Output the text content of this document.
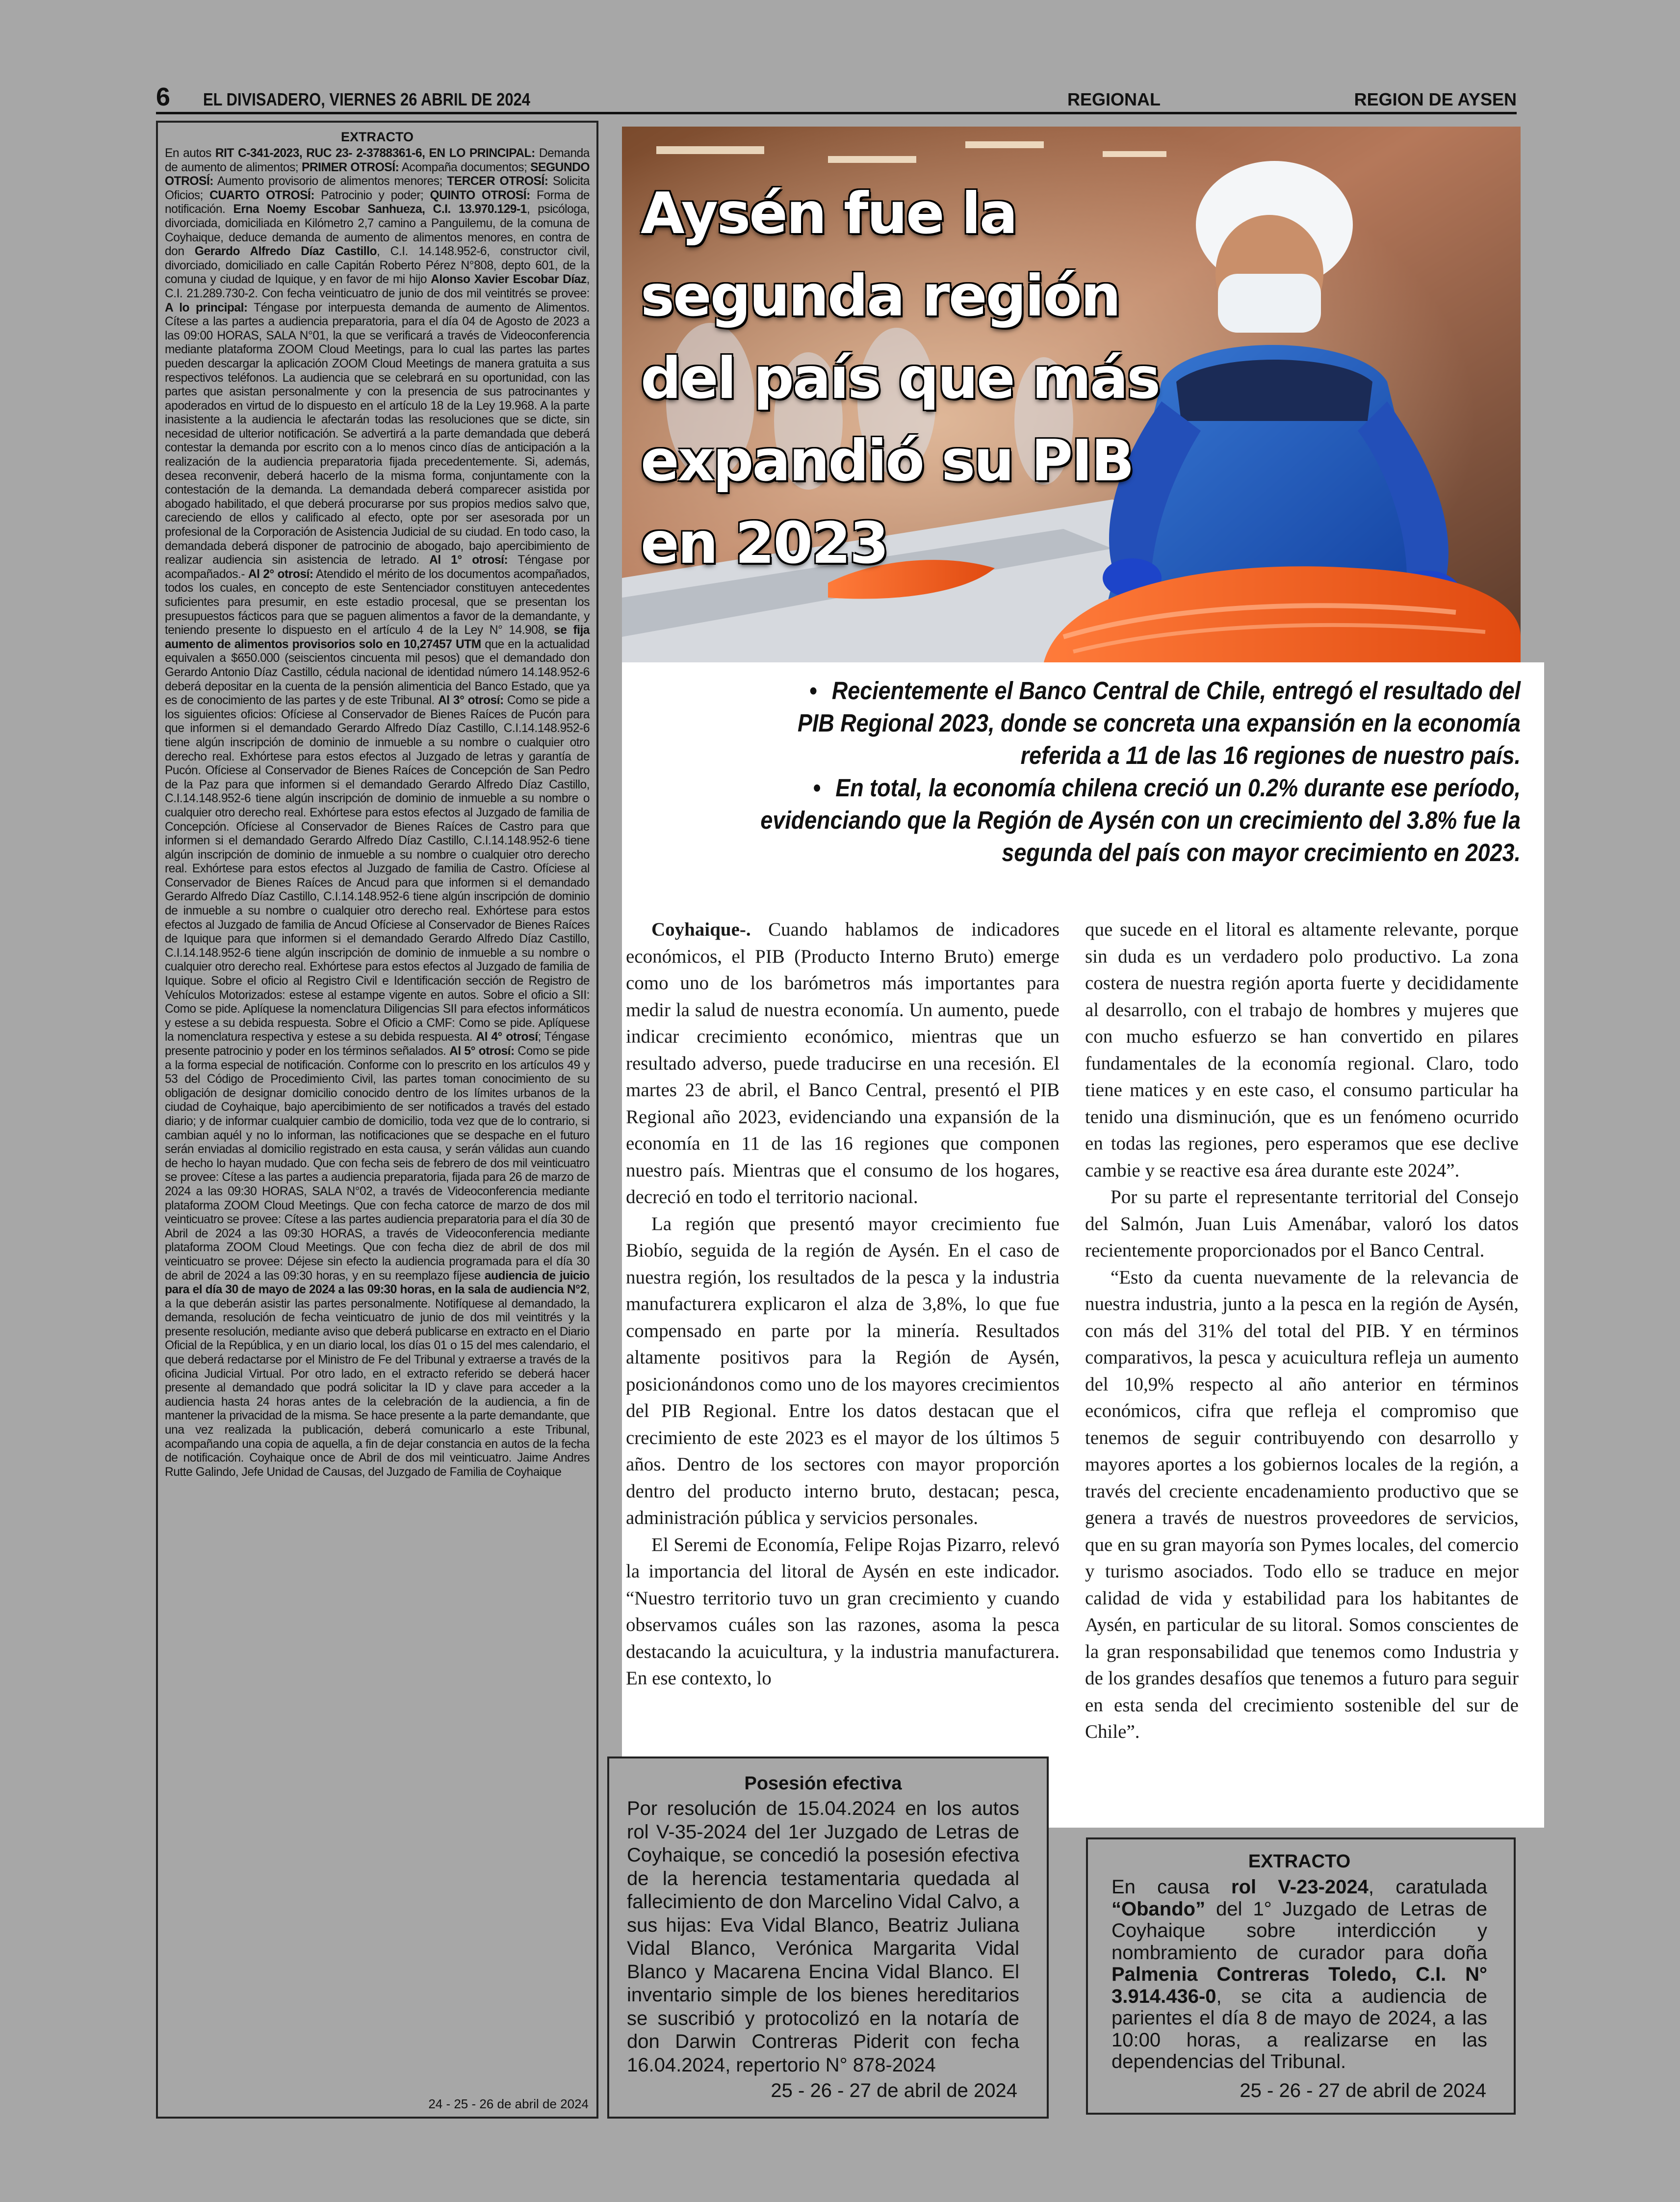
6 EL DIVISADERO, VIERNES 26 ABRIL DE 2024	REGIONAL	REGION DE AYSEN
EXTRACTO
En autos RIT C-341-2023, RUC 23- 2-3788361-6, EN LO PRINCIPAL: Demanda de aumento de alimentos; PRIMER OTROSÍ: Acompaña documentos; SEGUNDO OTROSÍ: Aumento provisorio de alimentos menores; TERCER OTROSÍ: Solicita Oficios; CUARTO OTROSÍ: Patrocinio y poder; QUINTO OTROSÍ: Forma de notificación. Erna Noemy Escobar Sanhueza, C.I. 13.970.129-1, psicóloga, divorciada, domiciliada en Kilómetro 2,7 camino a Panguilemu, de la comuna de Coyhaique, deduce demanda de aumento de alimentos menores, en contra de don Gerardo Alfredo Díaz Castillo, C.I. 14.148.952-6, constructor civil, divorciado, domiciliado en calle Capitán Roberto Pérez N°808, depto 601, de la comuna y ciudad de Iquique, y en favor de mi hijo Alonso Xavier Escobar Díaz, C.I. 21.289.730-2. Con fecha veinticuatro de junio de dos mil veintitrés se provee: A lo principal: Téngase por interpuesta demanda de aumento de Alimentos. Cítese a las partes a audiencia preparatoria, para el día 04 de Agosto de 2023 a las 09:00 HORAS, SALA N°01, la que se verificará a través de Videoconferencia mediante plataforma ZOOM Cloud Meetings, para lo cual las partes las partes pueden descargar la aplicación ZOOM Cloud Meetings de manera gratuita a sus respectivos teléfonos. La audiencia que se celebrará en su oportunidad, con las partes que asistan personalmente y con la presencia de sus patrocinantes y apoderados en virtud de lo dispuesto en el artículo 18 de la Ley 19.968. A la parte inasistente a la audiencia le afectarán todas las resoluciones que se dicte, sin necesidad de ulterior notificación. Se advertirá a la parte demandada que deberá contestar la demanda por escrito con a lo menos cinco días de anticipación a la realización de la audiencia preparatoria fijada precedentemente. Si, además, desea reconvenir, deberá hacerlo de la misma forma, conjuntamente con la contestación de la demanda. La demandada deberá comparecer asistida por abogado habilitado, el que deberá procurarse por sus propios medios salvo que, careciendo de ellos y calificado al efecto, opte por ser asesorada por un profesional de la Corporación de Asistencia Judicial de su ciudad. En todo caso, la demandada deberá disponer de patrocinio de abogado, bajo apercibimiento de realizar audiencia sin asistencia de letrado. Al 1° otrosí: Téngase por acompañados.- Al 2° otrosí: Atendido el mérito de los documentos acompañados, todos los cuales, en concepto de este Sentenciador constituyen antecedentes suficientes para presumir, en este estadio procesal, que se presentan los presupuestos fácticos para que se paguen alimentos a favor de la demandante, y teniendo presente lo dispuesto en el artículo 4 de la Ley N° 14.908, se fija aumento de alimentos provisorios solo en 10,27457 UTM que en la actualidad equivalen a $650.000 (seiscientos cincuenta mil pesos) que el demandado don Gerardo Antonio Díaz Castillo, cédula nacional de identidad número 14.148.952-6 deberá depositar en la cuenta de la pensión alimenticia del Banco Estado, que ya es de conocimiento de las partes y de este Tribunal. Al 3° otrosí: Como se pide a los siguientes oficios: Ofíciese al Conservador de Bienes Raíces de Pucón para que informen si el demandado Gerardo Alfredo Díaz Castillo, C.I.14.148.952-6 tiene algún inscripción de dominio de inmueble a su nombre o cualquier otro derecho real. Exhórtese para estos efectos al Juzgado de letras y garantía de Pucón. Ofíciese al Conservador de Bienes Raíces de Concepción de San Pedro de la Paz para que informen si el demandado Gerardo Alfredo Díaz Castillo, C.I.14.148.952-6 tiene algún inscripción de dominio de inmueble a su nombre o cualquier otro derecho real. Exhórtese para estos efectos al Juzgado de familia de Concepción. Ofíciese al Conservador de Bienes Raíces de Castro para que informen si el demandado Gerardo Alfredo Díaz Castillo, C.I.14.148.952-6 tiene algún inscripción de dominio de inmueble a su nombre o cualquier otro derecho real. Exhórtese para estos efectos al Juzgado de familia de Castro. Ofíciese al Conservador de Bienes Raíces de Ancud para que informen si el demandado Gerardo Alfredo Díaz Castillo, C.I.14.148.952-6 tiene algún inscripción de dominio de inmueble a su nombre o cualquier otro derecho real. Exhórtese para estos efectos al Juzgado de familia de Ancud Ofíciese al Conservador de Bienes Raíces de Iquique para que informen si el demandado Gerardo Alfredo Díaz Castillo, C.I.14.148.952-6 tiene algún inscripción de dominio de inmueble a su nombre o cualquier otro derecho real. Exhórtese para estos efectos al Juzgado de familia de Iquique. Sobre el oficio al Registro Civil e Identificación sección de Registro de Vehículos Motorizados: estese al estampe vigente en autos. Sobre el oficio a SII: Como se pide. Aplíquese la nomenclatura Diligencias SII para efectos informáticos y estese a su debida respuesta. Sobre el Oficio a CMF: Como se pide. Aplíquese la nomenclatura respectiva y estese a su debida respuesta. Al 4° otrosí; Téngase presente patrocinio y poder en los términos señalados. Al 5° otrosí: Como se pide a la forma especial de notificación. Conforme con lo prescrito en los artículos 49 y 53 del Código de Procedimiento Civil, las partes toman conocimiento de su obligación de designar domicilio conocido dentro de los límites urbanos de la ciudad de Coyhaique, bajo apercibimiento de ser notificados a través del estado diario; y de informar cualquier cambio de domicilio, toda vez que de lo contrario, si cambian aquél y no lo informan, las notificaciones que se despache en el futuro serán enviadas al domicilio registrado en esta causa, y serán válidas aun cuando de hecho lo hayan mudado. Que con fecha seis de febrero de dos mil veinticuatro se provee: Cítese a las partes a audiencia preparatoria, fijada para 26 de marzo de 2024 a las 09:30 HORAS, SALA N°02, a través de Videoconferencia mediante plataforma ZOOM Cloud Meetings. Que con fecha catorce de marzo de dos mil veinticuatro se provee: Cítese a las partes audiencia preparatoria para el día 30 de Abril de 2024 a las 09:30 HORAS, a través de Videoconferencia mediante plataforma ZOOM Cloud Meetings. Que con fecha diez de abril de dos mil veinticuatro se provee: Déjese sin efecto la audiencia programada para el día 30 de abril de 2024 a las 09:30 horas, y en su reemplazo fíjese audiencia de juicio para el día 30 de mayo de 2024 a las 09:30 horas, en la sala de audiencia N°2, a la que deberán asistir las partes personalmente. Notifíquese al demandado, la demanda, resolución de fecha veinticuatro de junio de dos mil veintitrés y la presente resolución, mediante aviso que deberá publicarse en extracto en el Diario Oficial de la República, y en un diario local, los días 01 o 15 del mes calendario, el que deberá redactarse por el Ministro de Fe del Tribunal y extraerse a través de la oficina Judicial Virtual. Por otro lado, en el extracto referido se deberá hacer presente al demandado que podrá solicitar la ID y clave para acceder a la audiencia hasta 24 horas antes de la celebración de la audiencia, a fin de mantener la privacidad de la misma. Se hace presente a la parte demandante, que una vez realizada la publicación, deberá comunicarlo a este Tribunal, acompañando una copia de aquella, a fin de dejar constancia en autos de la fecha de notificación. Coyhaique once de Abril de dos mil veinticuatro. Jaime Andres Rutte Galindo, Jefe Unidad de Causas, del Juzgado de Familia de Coyhaique
24 - 25 - 26 de abril de 2024
Aysén fue la
segunda región
del país que más
expandió su PIB
en 2023

• Recientemente el Banco Central de Chile, entregó el resultado del

PIB Regional 2023, donde se concreta una expansión en la economía

referida a 11 de las 16 regiones de nuestro país.

• En total, la economía chilena creció un 0.2% durante ese período,

evidenciando que la Región de Aysén con un crecimiento del 3.8% fue la

segunda del país con mayor crecimiento en 2023.

Coyhaique-. Cuando hablamos de indicadores económicos, el PIB (Producto Interno Bruto) emerge como uno de los barómetros más importantes para medir la salud de nuestra economía. Un aumento, puede indicar crecimiento económico, mientras que un resultado adverso, puede traducirse en una recesión. El martes 23 de abril, el Banco Central, presentó el PIB Regional año 2023, evidenciando una expansión de la economía en 11 de las 16 regiones que componen nuestro país. Mientras que el consumo de los hogares, decreció en todo el territorio nacional.

La región que presentó mayor crecimiento fue Biobío, seguida de la región de Aysén. En el caso de nuestra región, los resultados de la pesca y la industria manufacturera explicaron el alza de 3,8%, lo que fue compensado en parte por la minería. Resultados altamente positivos para la Región de Aysén, posicionándonos como uno de los mayores crecimientos del PIB Regional. Entre los datos destacan que el crecimiento de este 2023 es el mayor de los últimos 5 años. Dentro de los sectores con mayor proporción dentro del producto interno bruto, destacan; pesca, administración pública y servicios personales.

El Seremi de Economía, Felipe Rojas Pizarro, relevó la importancia del litoral de Aysén en este indicador. “Nuestro territorio tuvo un gran crecimiento y cuando observamos cuáles son las razones, asoma la pesca destacando la acuicultura, y la industria manufacturera. En ese contexto, lo

que sucede en el litoral es altamente relevante, porque sin duda es un verdadero polo productivo. La zona costera de nuestra región aporta fuerte y decididamente al desarrollo, con el trabajo de hombres y mujeres que con mucho esfuerzo se han convertido en pilares fundamentales de la economía regional. Claro, todo tiene matices y en este caso, el consumo particular ha tenido una disminución, que es un fenómeno ocurrido en todas las regiones, pero esperamos que ese declive cambie y se reactive esa área durante este 2024”.

Por su parte el representante territorial del Consejo del Salmón, Juan Luis Amenábar, valoró los datos recientemente proporcionados por el Banco Central.

“Esto da cuenta nuevamente de la relevancia de nuestra industria, junto a la pesca en la región de Aysén, con más del 31% del total del PIB. Y en términos comparativos, la pesca y acuicultura refleja un aumento del 10,9% respecto al año anterior en términos económicos, cifra que refleja el compromiso que tenemos de seguir contribuyendo con desarrollo y mayores aportes a los gobiernos locales de la región, a través del creciente encadenamiento productivo que se genera a través de nuestros proveedores de servicios, que en su gran mayoría son Pymes locales, del comercio y turismo asociados. Todo ello se traduce en mejor calidad de vida y estabilidad para los habitantes de Aysén, en particular de su litoral. Somos conscientes de la gran responsabilidad que tenemos como Industria y de los grandes desafíos que tenemos a futuro para seguir en esta senda del crecimiento sostenible del sur de Chile”.

Posesión efectiva
Por resolución de 15.04.2024 en los autos rol V-35-2024 del 1er Juzgado de Letras de Coyhaique, se concedió la posesión efectiva de la herencia testamentaria quedada al fallecimiento de don Marcelino Vidal Calvo, a sus hijas: Eva Vidal Blanco, Beatriz Juliana Vidal Blanco, Verónica Margarita Vidal Blanco y Macarena Encina Vidal Blanco. El inventario simple de los bienes hereditarios se suscribió y protocolizó en la notaría de don Darwin Contreras Piderit con fecha 16.04.2024, repertorio N° 878-2024
25 - 26 - 27 de abril de 2024
EXTRACTO
En causa rol V-23-2024, caratulada “Obando” del 1° Juzgado de Letras de Coyhaique sobre interdicción y nombramiento de curador para doña Palmenia Contreras Toledo, C.I. N° 3.914.436-0, se cita a audiencia de parientes el día 8 de mayo de 2024, a las 10:00 horas, a realizarse en las dependencias del Tribunal.
25 - 26 - 27 de abril de 2024
